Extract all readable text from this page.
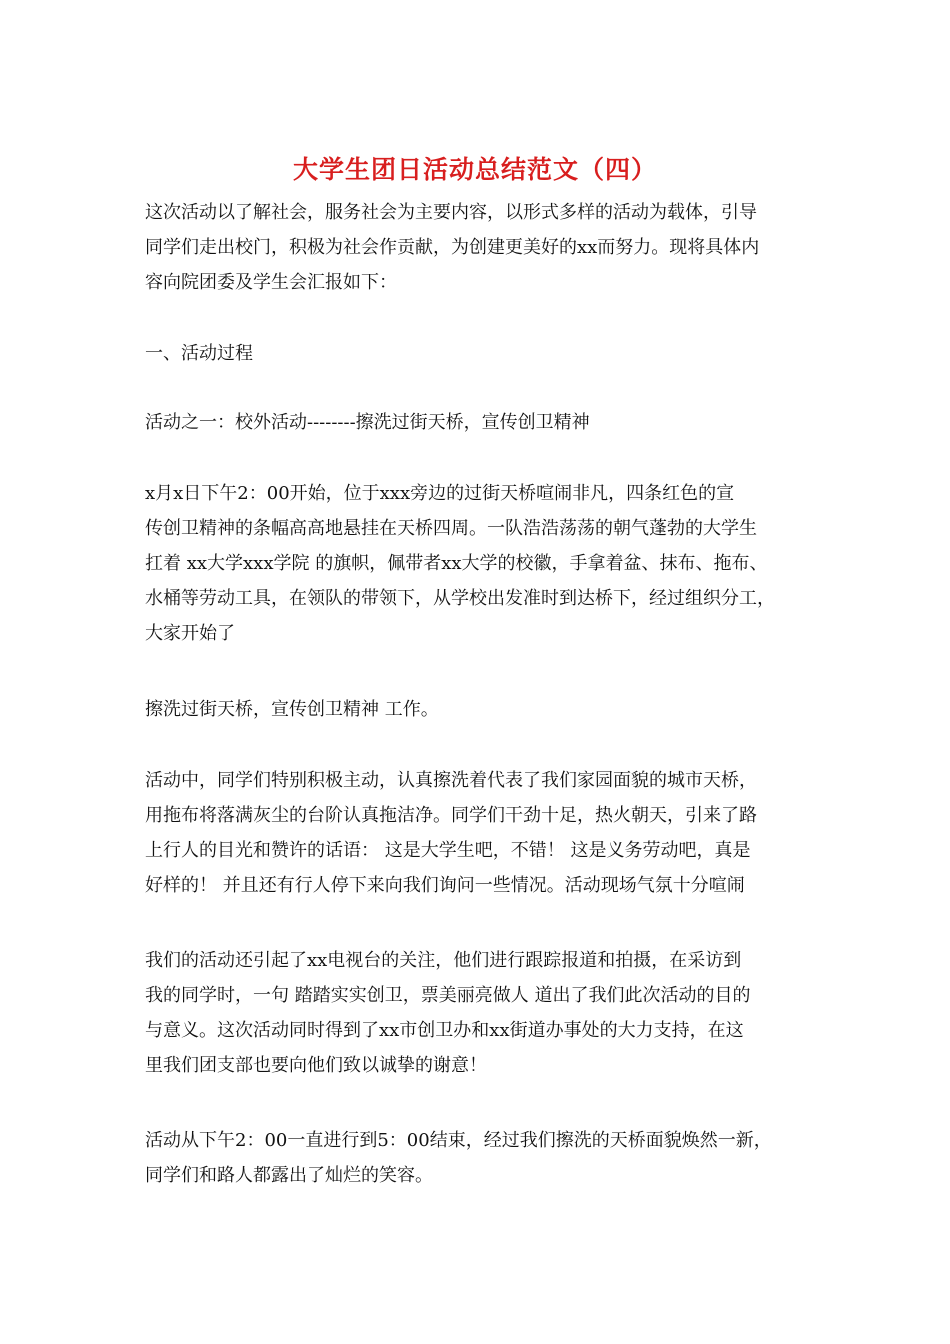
大学生团日活动总结范文（四）
这次活动以了解社会，服务社会为主要内容，以形式多样的活动为载体，引导
同学们走出校门，积极为社会作贡献，为创建更美好的xx而努力。现将具体内
容向院团委及学生会汇报如下：
一、活动过程
活动之一：校外活动--------擦洗过街天桥，宣传创卫精神
x月x日下午2：00开始，位于xxx旁边的过街天桥喧闹非凡，四条红色的宣
传创卫精神的条幅高高地悬挂在天桥四周。一队浩浩荡荡的朝气蓬勃的大学生
扛着 xx大学xxx学院 的旗帜，佩带者xx大学的校徽，手拿着盆、抹布、拖布、
水桶等劳动工具，在领队的带领下，从学校出发准时到达桥下，经过组织分工，
大家开始了
擦洗过街天桥，宣传创卫精神 工作。
活动中，同学们特别积极主动，认真擦洗着代表了我们家园面貌的城市天桥，
用拖布将落满灰尘的台阶认真拖洁净。同学们干劲十足，热火朝天，引来了路
上行人的目光和赞许的话语： 这是大学生吧，不错！ 这是义务劳动吧，真是
好样的！ 并且还有行人停下来向我们询问一些情况。活动现场气氛十分喧闹
我们的活动还引起了xx电视台的关注，他们进行跟踪报道和拍摄，在采访到
我的同学时，一句 踏踏实实创卫，票美丽亮做人 道出了我们此次活动的目的
与意义。这次活动同时得到了xx市创卫办和xx街道办事处的大力支持，在这
里我们团支部也要向他们致以诚挚的谢意！
活动从下午2：00一直进行到5：00结束，经过我们擦洗的天桥面貌焕然一新，
同学们和路人都露出了灿烂的笑容。
